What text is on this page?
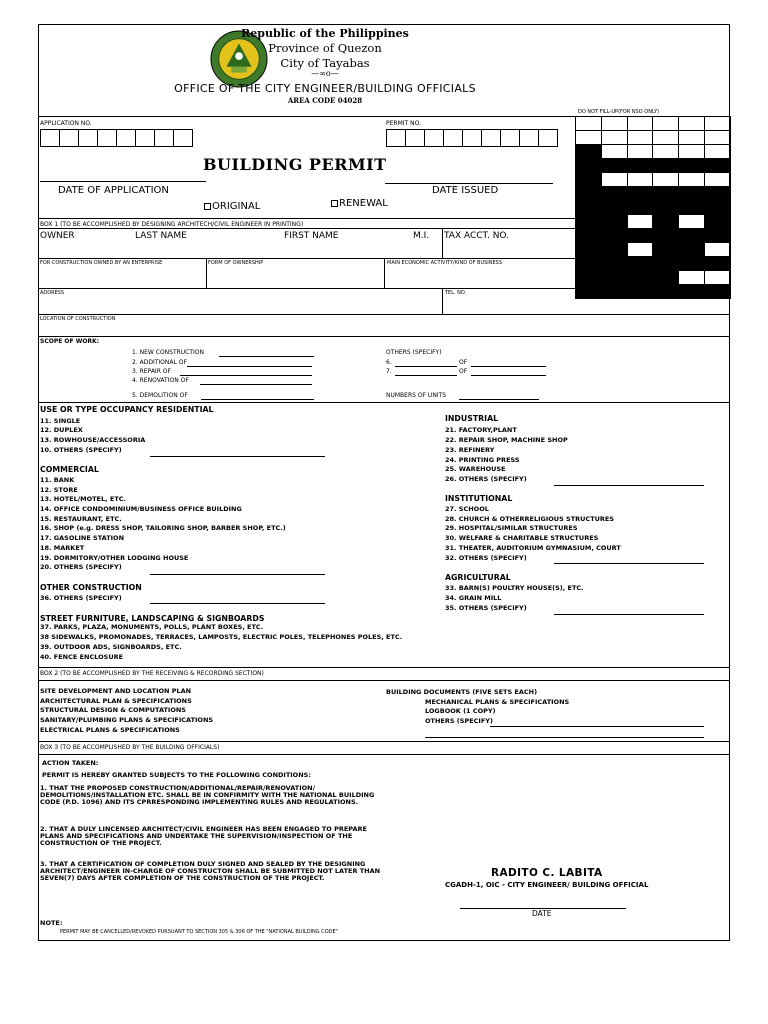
Republic of the Philippines
Province of Quezon
City of Tayabas
—∞o—
OFFICE OF THE CITY ENGINEER/BUILDING OFFICIALS
AREA CODE 04028
DO NOT FILL-UP(FOR NSO ONLY)

APPLICATION NO.	PERMIT NO.
BUILDING PERMIT
DATE OF APPLICATION	DATE ISSUED
ORIGINAL	RENEWAL
BOX 1 (TO BE ACCOMPLISHED BY DESIGNING ARCHITECH/CIVIL ENGINEER IN PRINTING)
OWNER	LAST NAME	FIRST NAME	M.I. TAX ACCT. NO.
FOR CONSTRUCTION OWNED BY AN ENTERPRISE	FORM OF OWNERSHIP	MAIN ECONOMIC ACTIVITY/KIND OF BUSINESS
ADDRESS	TEL. NO.
LOCATION OF CONSTRUCTION
SCOPE OF WORK:
1. NEW CONSTRUCTION
2. ADDITIONAL OF
3. REPAIR OF
4. RENOVATION OF
5. DEMOLITION OF
OTHERS (SPECIFY)
6.	OF
7.	OF
NUMBERS OF UNITS
USE OR TYPE OCCUPANCY RESIDENTIAL
11. SINGLE
12. DUPLEX
13. ROWHOUSE/ACCESSORIA
10. OTHERS (SPECIFY)
COMMERCIAL
11. BANK
12. STORE
13. HOTEL/MOTEL, ETC.
14. OFFICE CONDOMINIUM/BUSINESS OFFICE BUILDING
15. RESTAURANT, ETC.
16. SHOP (e.g. DRESS SHOP, TAILORING SHOP, BARBER SHOP, ETC.)
17. GASOLINE STATION
18. MARKET
19. DORMITORY/OTHER LODGING HOUSE
20. OTHERS (SPECIFY)
OTHER CONSTRUCTION
36. OTHERS (SPECIFY)
STREET FURNITURE, LANDSCAPING & SIGNBOARDS
37. PARKS, PLAZA, MONUMENTS, POLLS, PLANT BOXES, ETC.
38 SIDEWALKS, PROMONADES, TERRACES, LAMPOSTS, ELECTRIC POLES, TELEPHONES POLES, ETC.
39. OUTDOOR ADS, SIGNBOARDS, ETC.
40. FENCE ENCLOSURE
INDUSTRIAL
21. FACTORY,PLANT
22. REPAIR SHOP, MACHINE SHOP
23. REFINERY
24. PRINTING PRESS
25. WAREHOUSE
26. OTHERS (SPECIFY)
INSTITUTIONAL
27. SCHOOL
28. CHURCH & OTHERRELIGIOUS STRUCTURES
29. HOSPITAL/SIMILAR STRUCTURES
30. WELFARE & CHARITABLE STRUCTURES
31. THEATER, AUDITORIUM GYMNASIUM, COURT
32. OTHERS (SPECIFY)
AGRICULTURAL
33. BARN(S) POULTRY HOUSE(S), ETC.
34. GRAIN MILL
35. OTHERS (SPECIFY)
BOX 2 (TO BE ACCOMPLISHED BY THE RECEIVING & RECORDING SECTION)
SITE DEVELOPMENT AND LOCATION PLAN
ARCHITECTURAL PLAN & SPECIFICATIONS
STRUCTURAL DESIGN & COMPUTATIONS
SANITARY/PLUMBING PLANS & SPECIFICATIONS
ELECTRICAL PLANS & SPECIFICATIONS
BUILDING DOCUMENTS (FIVE SETS EACH)
MECHANICAL PLANS & SPECIFICATIONS
LOGBOOK (1 COPY)
OTHERS (SPECIFY)
BOX 3 (TO BE ACCOMPLISHED BY THE BUILDING OFFICIALS)
ACTION TAKEN:
PERMIT IS HEREBY GRANTED SUBJECTS TO THE FOLLOWING CONDITIONS:
1. THAT THE PROPOSED CONSTRUCTION/ADDITIONAL/REPAIR/RENOVATION/
DEMOLITIONS/INSTALLATION ETC. SHALL BE IN CONFIRMITY WITH THE NATIONAL BUILDING
CODE (P.D. 1096) AND ITS CPRRESPONDING IMPLEMENTING RULES AND REGULATIONS.
2. THAT A DULY LINCENSED ARCHITECT/CIVIL ENGINEER HAS BEEN ENGAGED TO PREPARE
PLANS AND SPECIFICATIONS AND UNDERTAKE THE SUPERVISION/INSPECTION OF THE
CONSTRUCTION OF THE PROJECT.
3. THAT A CERTIFICATION OF COMPLETION DULY SIGNED AND SEALED BY THE DESIGNING
ARCHITECT/ENGINEER IN-CHARGE OF CONSTRUCTON SHALL BE SUBMITTED NOT LATER THAN
SEVEN(7) DAYS AFTER COMPLETION OF THE CONSTRUCTION OF THE PROJECT.	RADITO C. LABITA
CGADH-1, OIC - CITY ENGINEER/ BUILDING OFFICIAL
DATE
NOTE:
PERMIT MAY BE CANCELLED/REVOKED PURSUANT TO SECTION 305 & 306 OF THE "NATIONAL BUILDING CODE"
